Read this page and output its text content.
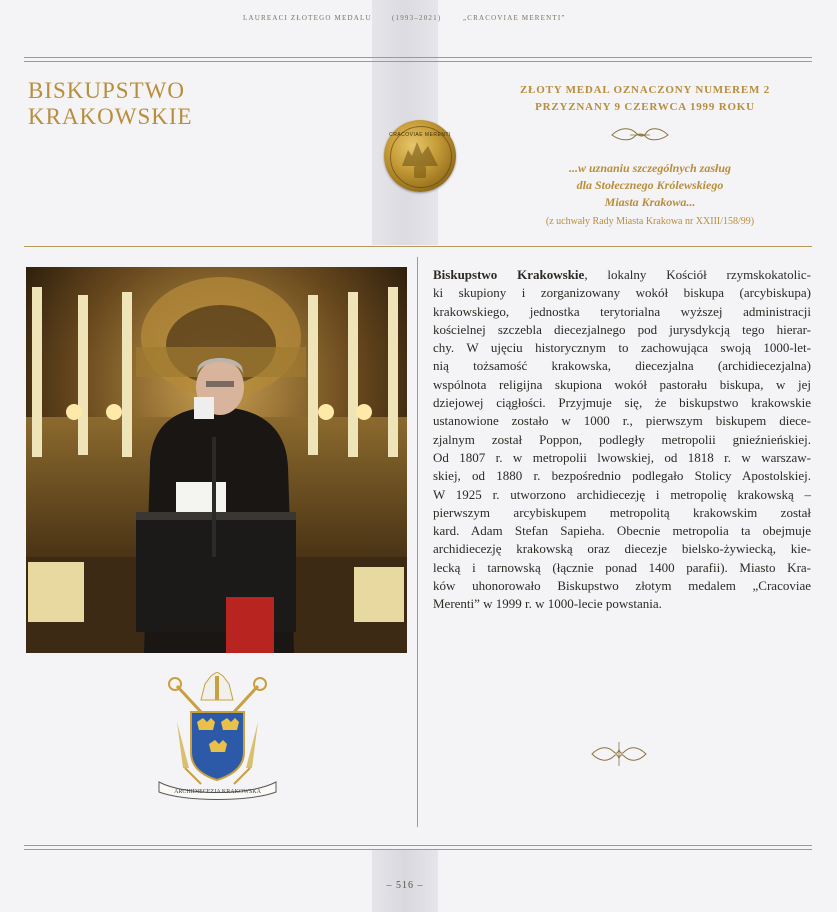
LAUREACI ZŁOTEGO MEDALU	(1993–2021)	„CRACOVIAE MERENTI”
BISKUPSTWO
KRAKOWSKIE
CRACOVIAE MERENTI
ZŁOTY MEDAL OZNACZONY NUMEREM 2
PRZYZNANY 9 CZERWCA 1999 ROKU
...w uznaniu szczególnych zasług
dla Stołecznego Królewskiego
Miasta Krakowa...
(z uchwały Rady Miasta Krakowa nr XXIII/158/99)
ARCHIDIECEZJA KRAKOWSKA
Biskupstwo Krakowskie, lokalny Kościół rzymskokatolic-
ki skupiony i zorganizowany wokół biskupa (arcybiskupa)
krakowskiego, jednostka terytorialna wyższej administracji
kościelnej szczebla diecezjalnego pod jurysdykcją tego hierar-
chy. W ujęciu historycznym to zachowująca swoją 1000-let-
nią tożsamość krakowska, diecezjalna (archidiecezjalna)
wspólnota religijna skupiona wokół pastorału biskupa, w jej
dziejowej ciągłości. Przyjmuje się, że biskupstwo krakowskie
ustanowione zostało w 1000 r., pierwszym biskupem diece-
zjalnym został Poppon, podległy metropolii gnieźnieńskiej.
Od 1807 r. w metropolii lwowskiej, od 1818 r. w warszaw-
skiej, od 1880 r. bezpośrednio podlegało Stolicy Apostolskiej.
W 1925 r. utworzono archidiecezję i metropolię krakowską –
pierwszym arcybiskupem metropolitą krakowskim został
kard. Adam Stefan Sapieha. Obecnie metropolia ta obejmuje
archidiecezję krakowską oraz diecezje bielsko-żywiecką, kie-
lecką i tarnowską (łącznie ponad 1400 parafii). Miasto Kra-
ków uhonorowało Biskupstwo złotym medalem „Cracoviae
Merenti” w 1999 r. w 1000-lecie powstania.
– 516 –
